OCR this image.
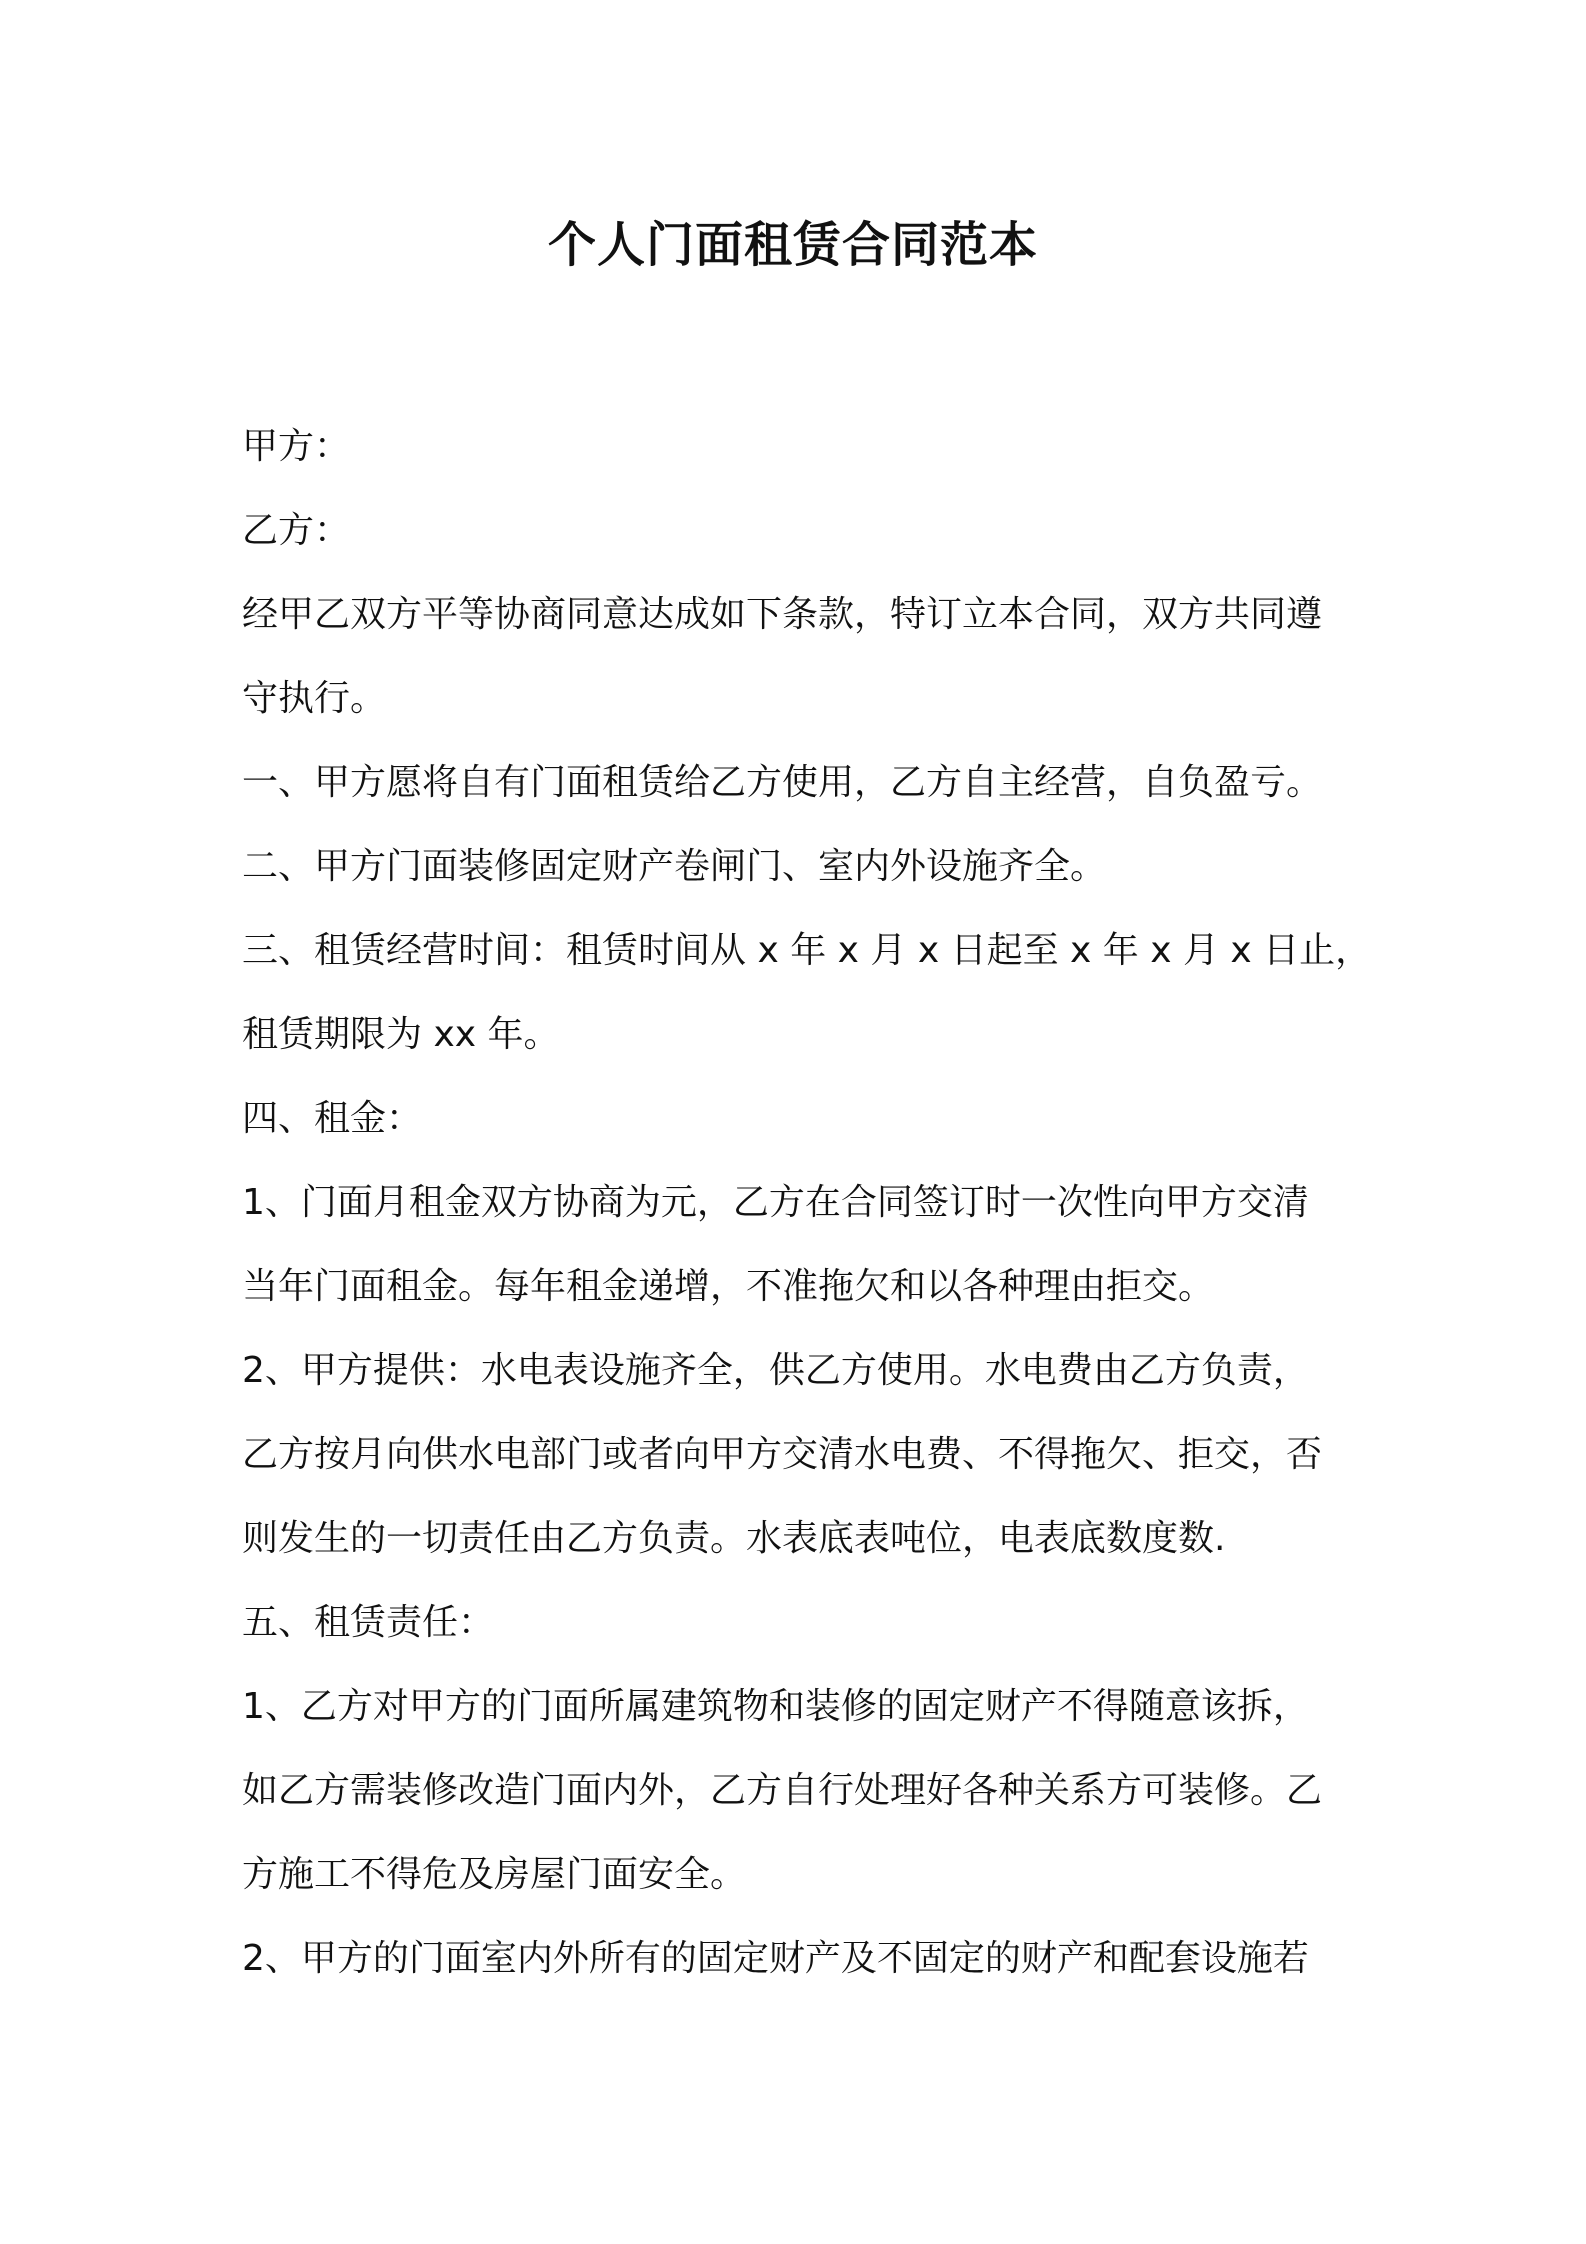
个人门面租赁合同范本

甲方：

乙方：

经甲乙双方平等协商同意达成如下条款，特订立本合同，双方共同遵

守执行。

一、甲方愿将自有门面租赁给乙方使用，乙方自主经营，自负盈亏。

二、甲方门面装修固定财产卷闸门、室内外设施齐全。

三、租赁经营时间：租赁时间从 x 年 x 月 x 日起至 x 年 x 月 x 日止，

租赁期限为 xx 年。

四、租金：

1、门面月租金双方协商为元，乙方在合同签订时一次性向甲方交清

当年门面租金。每年租金递增，不准拖欠和以各种理由拒交。

2、甲方提供：水电表设施齐全，供乙方使用。水电费由乙方负责，

乙方按月向供水电部门或者向甲方交清水电费、不得拖欠、拒交，否

则发生的一切责任由乙方负责。水表底表吨位，电表底数度数.

五、租赁责任：

1、乙方对甲方的门面所属建筑物和装修的固定财产不得随意该拆，

如乙方需装修改造门面内外，乙方自行处理好各种关系方可装修。乙

方施工不得危及房屋门面安全。

2、甲方的门面室内外所有的固定财产及不固定的财产和配套设施若
